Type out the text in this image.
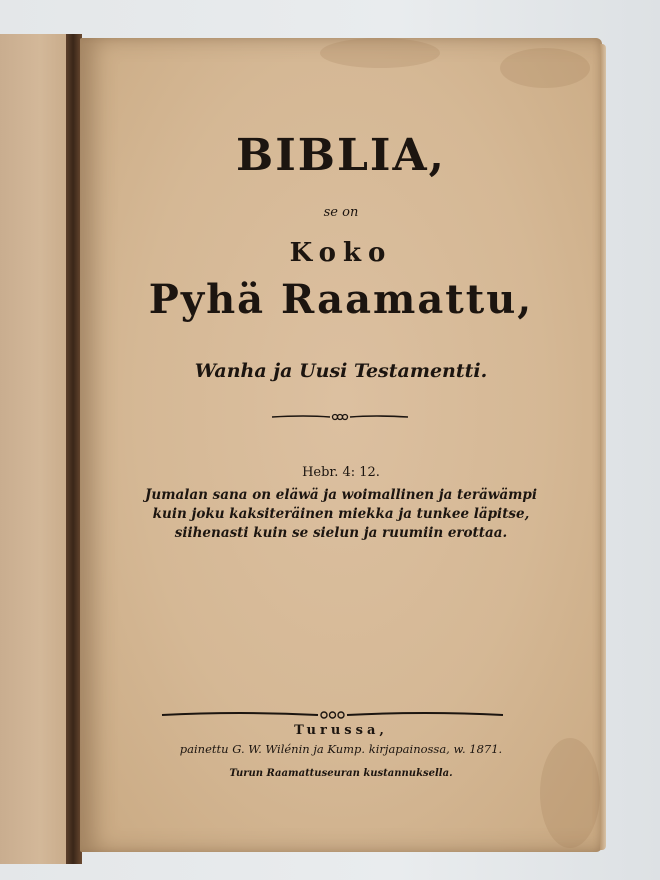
BIBLIA,
se on
Koko
Pyhä Raamattu,
Wanha ja Uusi Testamentti.
Hebr. 4: 12.
Jumalan sana on eläwä ja woimallinen ja teräwämpi kuin joku kaksiteräinen miekka ja tunkee läpitse, siihenasti kuin se sielun ja ruumiin erottaa.
Turussa,
painettu G. W. Wilénin ja Kump. kirjapainossa, w. 1871.
Turun Raamattuseuran kustannuksella.
